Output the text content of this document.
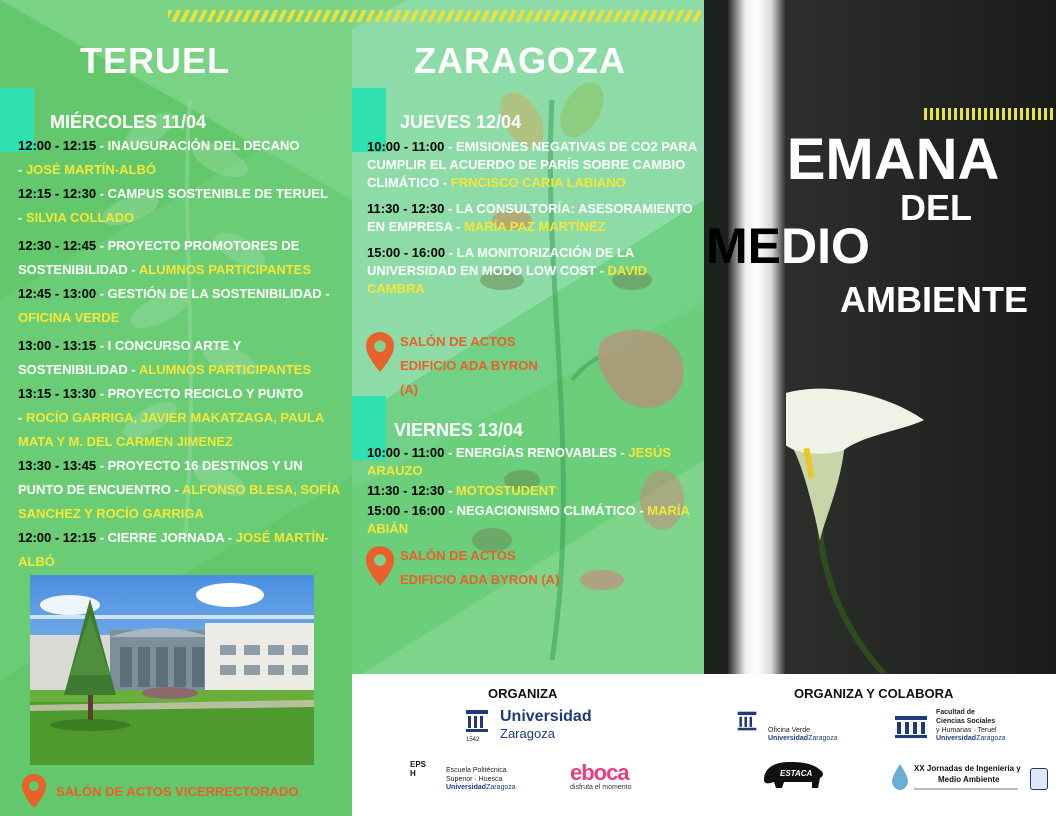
TERUEL
MIÉRCOLES 11/04
12:00 - 12:15 - INAUGURACIÓN DEL DECANO
- JOSÉ MARTÍN-ALBÓ
12:15 - 12:30 - CAMPUS SOSTENIBLE DE TERUEL
- SILVIA COLLADO
12:30 - 12:45 - PROYECTO PROMOTORES DE SOSTENIBILIDAD - ALUMNOS PARTICIPANTES
12:45 - 13:00 - GESTIÓN DE LA SOSTENIBILIDAD - OFICINA VERDE
13:00 - 13:15 - I CONCURSO ARTE Y SOSTENIBILIDAD - ALUMNOS PARTICIPANTES
13:15 - 13:30 - PROYECTO RECICLO Y PUNTO
- ROCÍO GARRIGA, JAVIER MAKATZAGA, PAULA MATA Y M. DEL CARMEN JIMENEZ
13:30 - 13:45 - PROYECTO 16 DESTINOS Y UN PUNTO DE ENCUENTRO - ALFONSO BLESA, SOFÍA SANCHEZ Y ROCÍO GARRIGA
12:00 - 12:15 - CIERRE JORNADA - JOSÉ MARTÍN-ALBÓ
SALÓN DE ACTOS VICERRECTORADO
ZARAGOZA
JUEVES 12/04
10:00 - 11:00 - EMISIONES NEGATIVAS DE CO2 PARA CUMPLIR EL ACUERDO DE PARÍS SOBRE CAMBIO CLIMÁTICO - FRNCISCO CARIA LABIANO
11:30 - 12:30 - LA CONSULTORÍA: ASESORAMIENTO EN EMPRESA - MARÍA PAZ MARTÍNEZ
15:00 - 16:00 - LA MONITORIZACIÓN DE LA UNIVERSIDAD EN MODO LOW COST - DAVID CAMBRA
SALÓN DE ACTOS
EDIFICIO ADA BYRON
(A)
VIERNES 13/04
10:00 - 11:00 - ENERGÍAS RENOVABLES - JESÚS ARAUZO
11:30 - 12:30 - MOTOSTUDENT
15:00 - 16:00 - NEGACIONISMO CLIMÁTICO - MARÍA ABIÁN
SALÓN DE ACTOS
EDIFICIO ADA BYRON (A)
EMANA
DEL
MEDIO
AMBIENTE
ORGANIZA	ORGANIZA Y COLABORA
1542
Universidad
Zaragoza
EPSH	Escuela Politécnica
Superior · Huesca
UniversidadZaragoza
eboca
disfruta el momento
Oficina Verde
UniversidadZaragoza
Facultad de
Ciencias Sociales
y Humanas · Teruel
UniversidadZaragoza
ESTACA
XX Jornadas de Ingeniería y
Medio Ambiente
